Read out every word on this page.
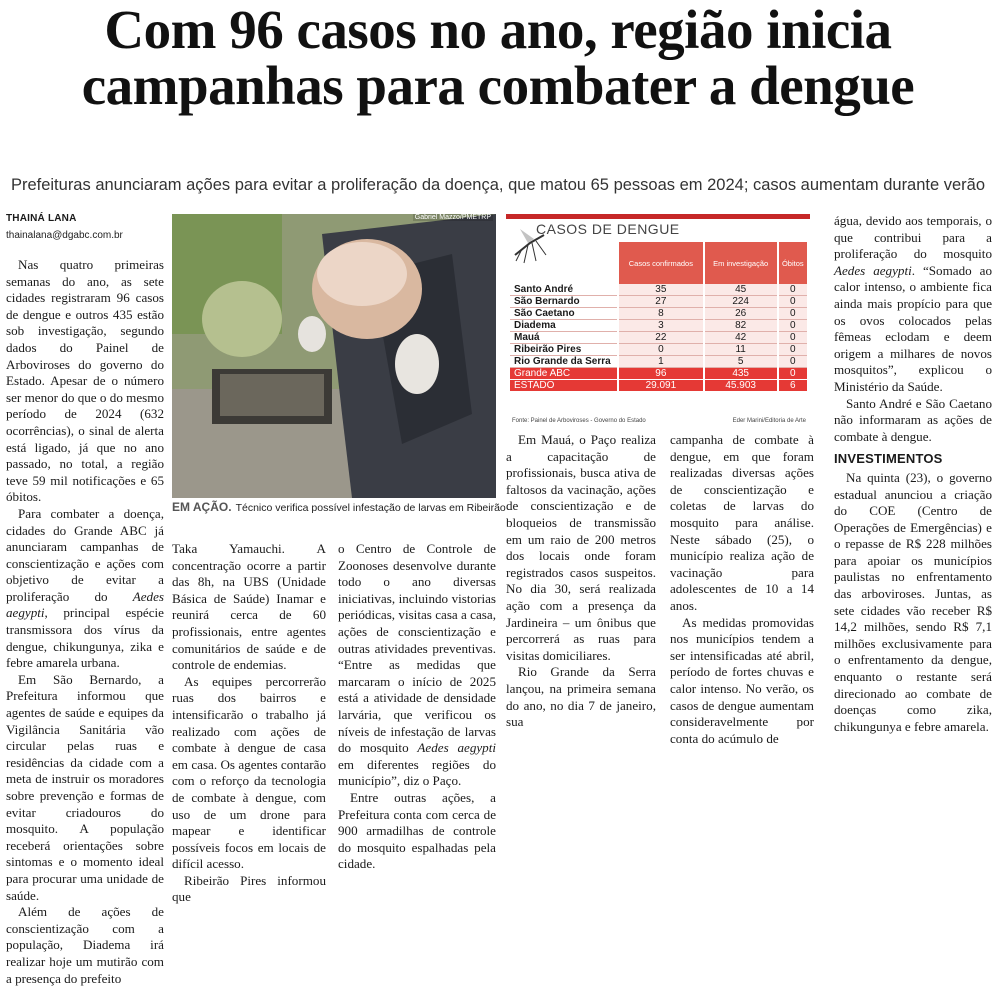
Com 96 casos no ano, região inicia campanhas para combater a dengue
Prefeituras anunciaram ações para evitar a proliferação da doença, que matou 65 pessoas em 2024; casos aumentam durante verão
THAINÁ LANA
thainalana@dgabc.com.br

Nas quatro primeiras semanas do ano, as sete cidades registraram 96 casos de dengue e outros 435 estão sob investigação, segundo dados do Painel de Arboviroses do governo do Estado. Apesar de o número ser menor do que o do mesmo período de 2024 (632 ocorrências), o sinal de alerta está ligado, já que no ano passado, no total, a região teve 59 mil notificações e 65 óbitos.

Para combater a doença, cidades do Grande ABC já anunciaram campanhas de conscientização e ações com objetivo de evitar a proliferação do Aedes aegypti, principal espécie transmissora dos vírus da dengue, chikungunya, zika e febre amarela urbana.

Em São Bernardo, a Prefeitura informou que agentes de saúde e equipes da Vigilância Sanitária vão circular pelas ruas e residências da cidade com a meta de instruir os moradores sobre prevenção e formas de evitar criadouros do mosquito. A população receberá orientações sobre sintomas e o momento ideal para procurar uma unidade de saúde.

Além de ações de conscientização com a população, Diadema irá realizar hoje um mutirão com a presença do prefeito

Gabriel Mazzo/PMETRP
EM AÇÃO. Técnico verifica possível infestação de larvas em Ribeirão
CASOS DE DENGUE
	Casos confirmados	Em investigação	Óbitos
Santo André	35	45	0
São Bernardo	27	224	0
São Caetano	8	26	0
Diadema	3	82	0
Mauá	22	42	0
Ribeirão Pires	0	11	0
Rio Grande da Serra	1	5	0
Grande ABC	96	435	0
ESTADO	29.091	45.903	6
Fonte: Painel de Arboviroses - Governo do Estado	Eder Marini/Editoria de Arte

Taka Yamauchi. A concentração ocorre a partir das 8h, na UBS (Unidade Básica de Saúde) Inamar e reunirá cerca de 60 profissionais, entre agentes comunitários de saúde e de controle de endemias.

As equipes percorrerão ruas dos bairros e intensificarão o trabalho já realizado com ações de combate à dengue de casa em casa. Os agentes contarão com o reforço da tecnologia de combate à dengue, com uso de um drone para mapear e identificar possíveis focos em locais de difícil acesso.

Ribeirão Pires informou que

o Centro de Controle de Zoonoses desenvolve durante todo o ano diversas iniciativas, incluindo vistorias periódicas, visitas casa a casa, ações de conscientização e outras atividades preventivas. “Entre as medidas que marcaram o início de 2025 está a atividade de densidade larvária, que verificou os níveis de infestação de larvas do mosquito Aedes aegypti em diferentes regiões do município”, diz o Paço.

Entre outras ações, a Prefeitura conta com cerca de 900 armadilhas de controle do mosquito espalhadas pela cidade.

Em Mauá, o Paço realiza a capacitação de profissionais, busca ativa de faltosos da vacinação, ações de conscientização e de bloqueios de transmissão em um raio de 200 metros dos locais onde foram registrados casos suspeitos. No dia 30, será realizada ação com a presença da Jardineira – um ônibus que percorrerá as ruas para visitas domiciliares.

Rio Grande da Serra lançou, na primeira semana do ano, no dia 7 de janeiro, sua

campanha de combate à dengue, em que foram realizadas diversas ações de conscientização e coletas de larvas do mosquito para análise. Neste sábado (25), o município realiza ação de vacinação para adolescentes de 10 a 14 anos.

As medidas promovidas nos municípios tendem a ser intensificadas até abril, período de fortes chuvas e calor intenso. No verão, os casos de dengue aumentam consideravelmente por conta do acúmulo de

água, devido aos temporais, o que contribui para a proliferação do mosquito Aedes aegypti. “Somado ao calor intenso, o ambiente fica ainda mais propício para que os ovos colocados pelas fêmeas eclodam e deem origem a milhares de novos mosquitos”, explicou o Ministério da Saúde.

Santo André e São Caetano não informaram as ações de combate à dengue.

INVESTIMENTOS

Na quinta (23), o governo estadual anunciou a criação do COE (Centro de Operações de Emergências) e o repasse de R$ 228 milhões para apoiar os municípios paulistas no enfrentamento das arboviroses. Juntas, as sete cidades vão receber R$ 14,2 milhões, sendo R$ 7,1 milhões exclusivamente para o enfrentamento da dengue, enquanto o restante será direcionado ao combate de doenças como zika, chikungunya e febre amarela.
